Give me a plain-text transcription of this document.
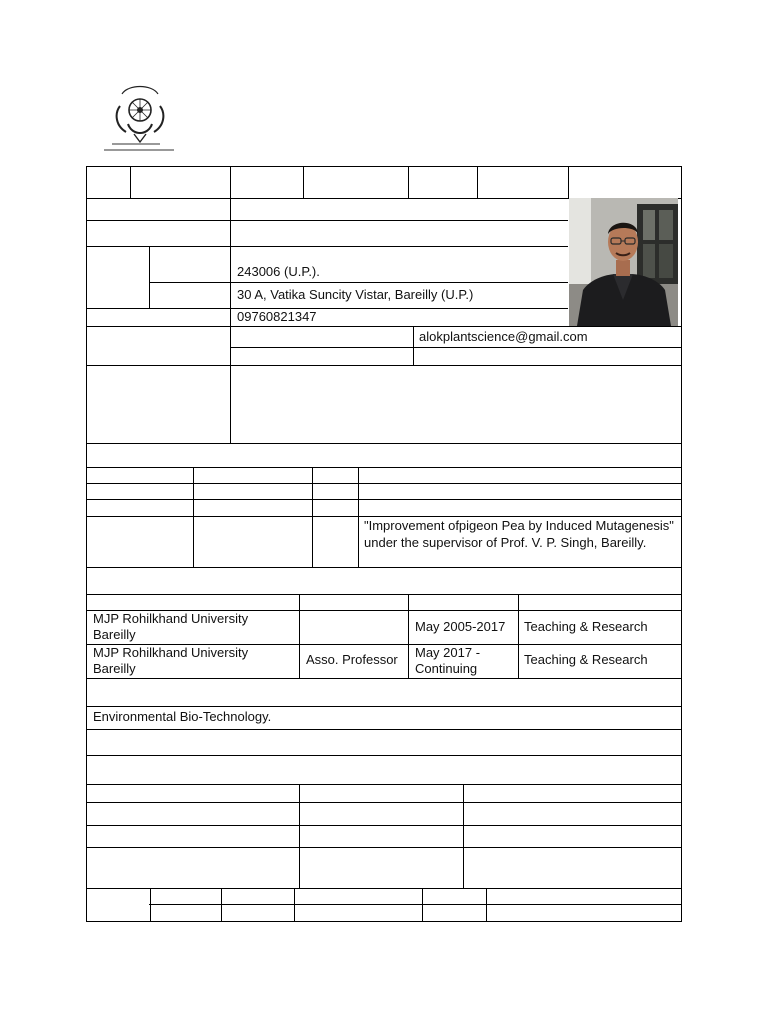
243006 (U.P.).
30 A, Vatika Suncity Vistar, Bareilly (U.P.)
09760821347
alokplantscience@gmail.com
"Improvement ofpigeon Pea by Induced Mutagenesis" under the supervisor of Prof. V. P. Singh, Bareilly.
MJP Rohilkhand University Bareilly
May 2005-2017 Teaching & Research
MJP Rohilkhand University Bareilly
Asso. Professor May 2017 - Continuing
Teaching & Research
Environmental Bio-Technology.
